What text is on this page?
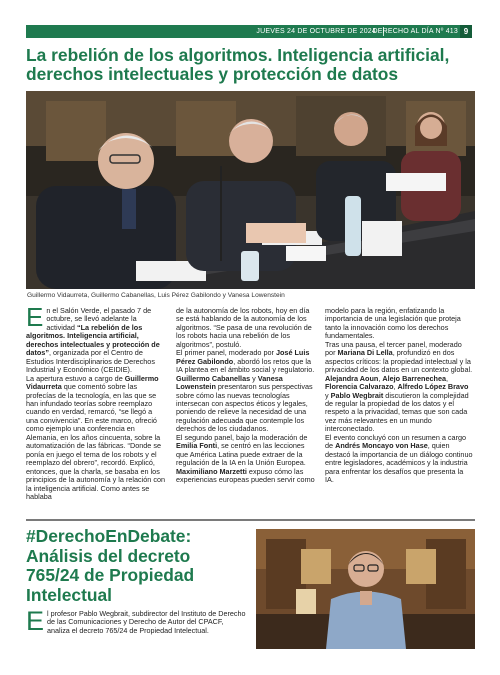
JUEVES 24 DE OCTUBRE DE 2024
DERECHO AL DÍA Nº 413 9
La rebelión de los algoritmos. Inteligencia artificial, derechos intelectuales y protección de datos
Guillermo Vidaurreta, Guillermo Cabanellas, Luis Pérez Gabilondo y Vanesa Lowenstein

En el Salón Verde, el pasado 7 de octubre, se llevó adelante la actividad “La rebelión de los algoritmos. Inteligencia artificial, derechos intelectuales y protección de datos”, organizada por el Centro de Estudios Interdisciplinarios de Derechos Industrial y Económico (CEIDIE).

La apertura estuvo a cargo de Guillermo Vidaurreta que comentó sobre las profecías de la tecnología, en las que se han infundado teorías sobre reemplazo cuando en verdad, remarcó, “se llegó a una convivencia”. En este marco, ofreció como ejemplo una conferencia en Alemania, en los años cincuenta, sobre la automatización de las fábricas. “Donde se ponía en juego el tema de los robots y el reemplazo del obrero”, recordó. Explicó, entonces, que la charla, se basaba en los principios de la autonomía y la relación con la inteligencia artificial. Como antes se hablaba

de la autonomía de los robots, hoy en día se está hablando de la autonomía de los algoritmos. “Se pasa de una revolución de los robots hacia una rebelión de los algoritmos”, postuló.

El primer panel, moderado por José Luis Pérez Gabilondo, abordó los retos que la IA plantea en el ámbito social y regulatorio. Guillermo Cabanellas y Vanesa Lowenstein presentaron sus perspectivas sobre cómo las nuevas tecnologías intersecan con aspectos éticos y legales, poniendo de relieve la necesidad de una regulación adecuada que contemple los derechos de los ciudadanos.

El segundo panel, bajo la moderación de Emilia Fonti, se centró en las lecciones que América Latina puede extraer de la regulación de la IA en la Unión Europea. Maximiliano Marzetti expuso cómo las experiencias europeas pueden servir como

modelo para la región, enfatizando la importancia de una legislación que proteja tanto la innovación como los derechos fundamentales.

Tras una pausa, el tercer panel, moderado por Mariana Di Lella, profundizó en dos aspectos críticos: la propiedad intelectual y la privacidad de los datos en un contexto global. Alejandra Aoun, Alejo Barrenechea, Florencia Calvarazo, Alfredo López Bravo y Pablo Wegbrait discutieron la complejidad de regular la propiedad de los datos y el respeto a la privacidad, temas que son cada vez más relevantes en un mundo interconectado.

El evento concluyó con un resumen a cargo de Andrés Moncayo von Hase, quien destacó la importancia de un diálogo continuo entre legisladores, académicos y la industria para enfrentar los desafíos que presenta la IA.

#DerechoEnDebate: Análisis del decreto 765/24 de Propiedad Intelectual
El profesor Pablo Wegbrait, subdirector del Instituto de Derecho de las Comunicaciones y Derecho de Autor del CPACF, analiza el decreto 765/24 de Propiedad Intelectual.
